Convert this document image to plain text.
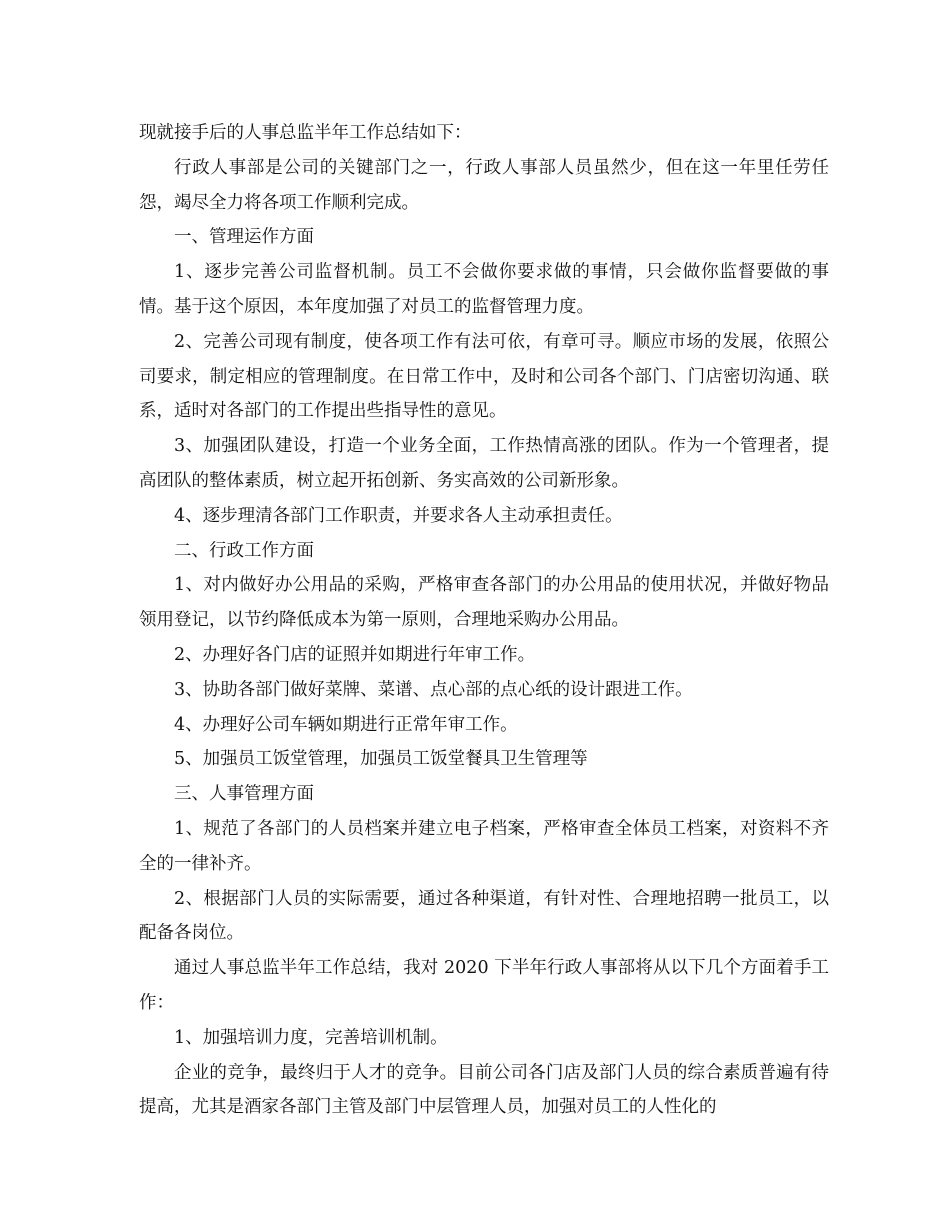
现就接手后的人事总监半年工作总结如下：

行政人事部是公司的关键部门之一，行政人事部人员虽然少，但在这一年里任劳任怨，竭尽全力将各项工作顺利完成。

一、管理运作方面

1、逐步完善公司监督机制。员工不会做你要求做的事情，只会做你监督要做的事情。基于这个原因，本年度加强了对员工的监督管理力度。

2、完善公司现有制度，使各项工作有法可依，有章可寻。顺应市场的发展，依照公司要求，制定相应的管理制度。在日常工作中，及时和公司各个部门、门店密切沟通、联系，适时对各部门的工作提出些指导性的意见。

3、加强团队建设，打造一个业务全面，工作热情高涨的团队。作为一个管理者，提高团队的整体素质，树立起开拓创新、务实高效的公司新形象。

4、逐步理清各部门工作职责，并要求各人主动承担责任。

二、行政工作方面

1、对内做好办公用品的采购，严格审查各部门的办公用品的使用状况，并做好物品领用登记，以节约降低成本为第一原则，合理地采购办公用品。

2、办理好各门店的证照并如期进行年审工作。

3、协助各部门做好菜牌、菜谱、点心部的点心纸的设计跟进工作。

4、办理好公司车辆如期进行正常年审工作。

5、加强员工饭堂管理，加强员工饭堂餐具卫生管理等

三、人事管理方面

1、规范了各部门的人员档案并建立电子档案，严格审查全体员工档案，对资料不齐全的一律补齐。

2、根据部门人员的实际需要，通过各种渠道，有针对性、合理地招聘一批员工，以配备各岗位。

通过人事总监半年工作总结，我对 2020 下半年行政人事部将从以下几个方面着手工作：

1、加强培训力度，完善培训机制。

企业的竞争，最终归于人才的竞争。目前公司各门店及部门人员的综合素质普遍有待提高，尤其是酒家各部门主管及部门中层管理人员，加强对员工的人性化的
